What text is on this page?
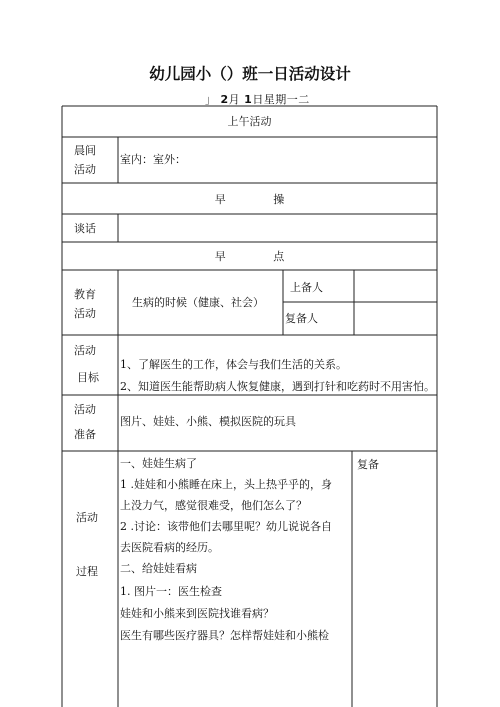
幼儿园小（）班一日活动设计
」 2月 1日星期一二
上午活动
晨间
活动
室内：室外：
早 操
谈话
早 点
教育
活动
生病的时候（健康、社会）
上备人
复备人
活动
目标
1、了解医生的工作，体会与我们生活的关系。
2、知道医生能帮助病人恢复健康，遇到打针和吃药时不用害怕。
活动
准备
图片、娃娃、小熊、模拟医院的玩具
活动
过程
复备
一、娃娃生病了
1 .娃娃和小熊睡在床上，头上热乎乎的，身
上没力气，感觉很难受，他们怎么了？
2 .讨论：该带他们去哪里呢？幼儿说说各自
去医院看病的经历。
二、给娃娃看病
1. 图片一：医生检查
娃娃和小熊来到医院找谁看病？
医生有哪些医疗器具？怎样帮娃娃和小熊检
